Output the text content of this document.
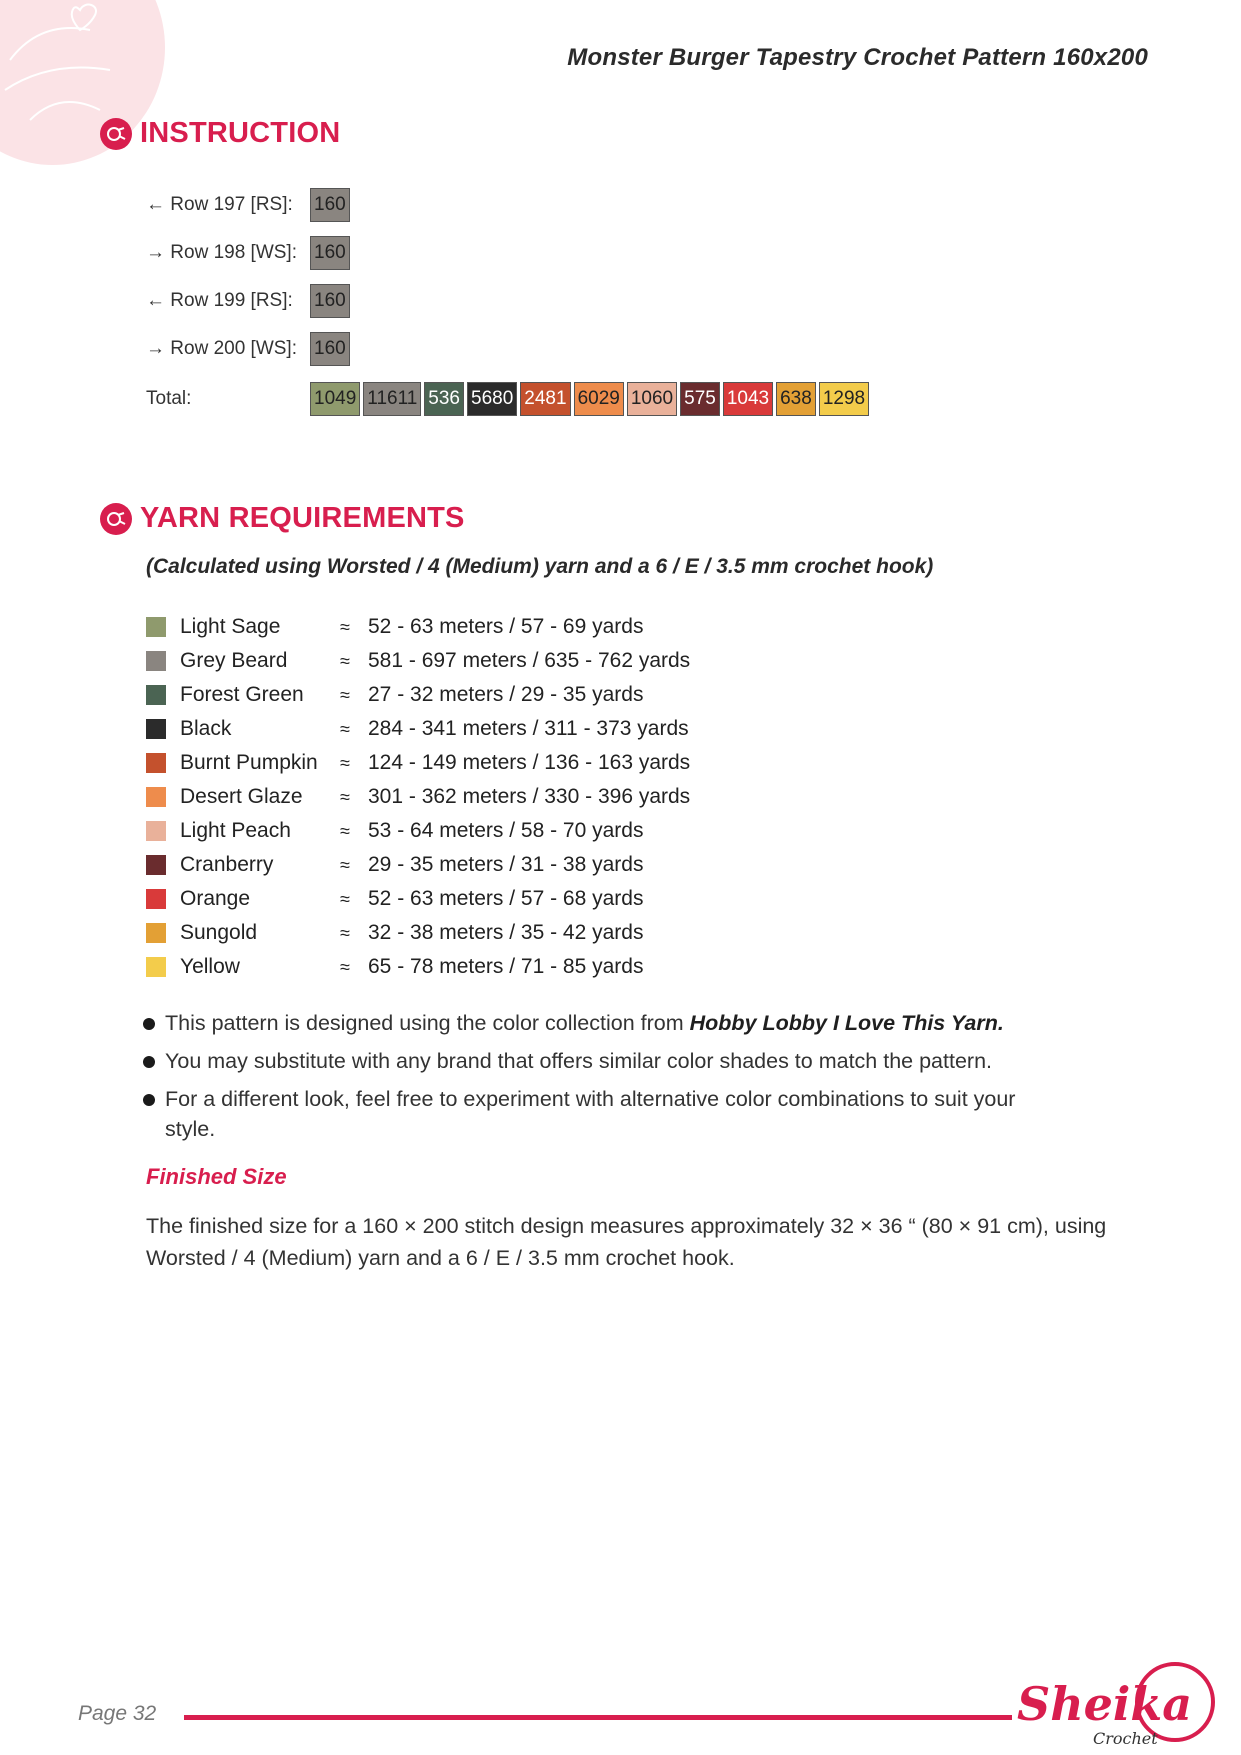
Monster Burger Tapestry Crochet Pattern 160x200
INSTRUCTION
← Row 197 [RS]:	160
→ Row 198 [WS]: 160
← Row 199 [RS]:	160
→ Row 200 [WS]: 160
Total:	1049 11611 536 5680 2481 6029 1060 575 1043 638 1298
YARN REQUIREMENTS
(Calculated using Worsted / 4 (Medium) yarn and a 6 / E / 3.5 mm crochet hook)
Light Sage	≈ 52 - 63 meters / 57 - 69 yards
Grey Beard	≈ 581 - 697 meters / 635 - 762 yards
Forest Green	≈ 27 - 32 meters / 29 - 35 yards
Black	≈ 284 - 341 meters / 311 - 373 yards
Burnt Pumpkin	≈ 124 - 149 meters / 136 - 163 yards
Desert Glaze	≈ 301 - 362 meters / 330 - 396 yards
Light Peach	≈ 53 - 64 meters / 58 - 70 yards
Cranberry	≈ 29 - 35 meters / 31 - 38 yards
Orange	≈ 52 - 63 meters / 57 - 68 yards
Sungold	≈ 32 - 38 meters / 35 - 42 yards
Yellow	≈ 65 - 78 meters / 71 - 85 yards
This pattern is designed using the color collection from Hobby Lobby I Love This Yarn.
You may substitute with any brand that offers similar color shades to match the pattern.
For a different look, feel free to experiment with alternative color combinations to suit your style.
Finished Size
The finished size for a 160 × 200 stitch design measures approximately 32 × 36 “ (80 × 91 cm), using Worsted / 4 (Medium) yarn and a 6 / E / 3.5 mm crochet hook.
Page 32	Sheika
Crochet
